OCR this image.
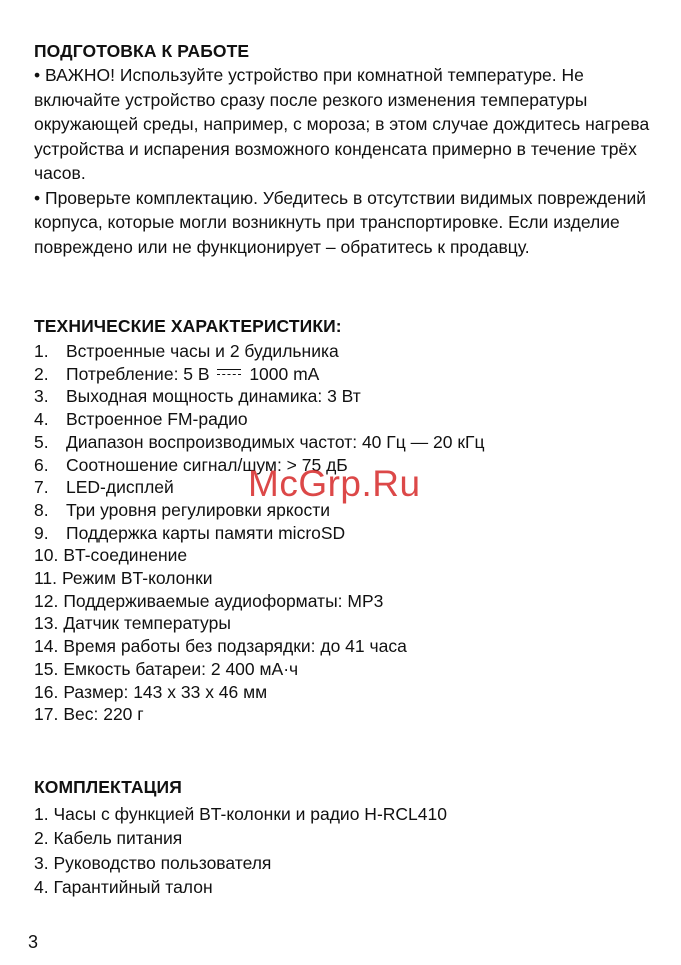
ПОДГОТОВКА К РАБОТЕ

• ВАЖНО! Используйте устройство при комнатной температуре. Не включайте устройство сразу после резкого изменения температуры окружающей среды, например, с мороза; в этом случае дождитесь нагрева устройства и испарения возможного конденсата примерно в течение трёх часов.

• Проверьте комплектацию. Убедитесь в отсутствии видимых повреждений корпуса, которые могли возникнуть при транспортировке. Если изделие повреждено или не функционирует – обратитесь к продавцу.

ТЕХНИЧЕСКИЕ ХАРАКТЕРИСТИКИ:
1. Встроенные часы и 2 будильника
2. Потребление: 5 В 1000 mA
3. Выходная мощность динамика: 3 Вт
4. Встроенное FM-радио
5. Диапазон воспроизводимых частот: 40 Гц — 20 кГц
6. Соотношение сигнал/шум: > 75 дБ
7. LED-дисплей
8. Три уровня регулировки яркости
9. Поддержка карты памяти microSD
10. BT-соединение
11. Режим BT-колонки
12. Поддерживаемые аудиоформаты: MP3
13. Датчик температуры
14. Время работы без подзарядки: до 41 часа
15. Емкость батареи: 2 400 мА·ч
16. Размер: 143 х 33 х 46 мм
17. Вес: 220 г
КОМПЛЕКТАЦИЯ
1. Часы с функцией BT-колонки и радио H-RCL410
2. Кабель питания
3. Руководство пользователя
4. Гарантийный талон
McGrp.Ru
3
